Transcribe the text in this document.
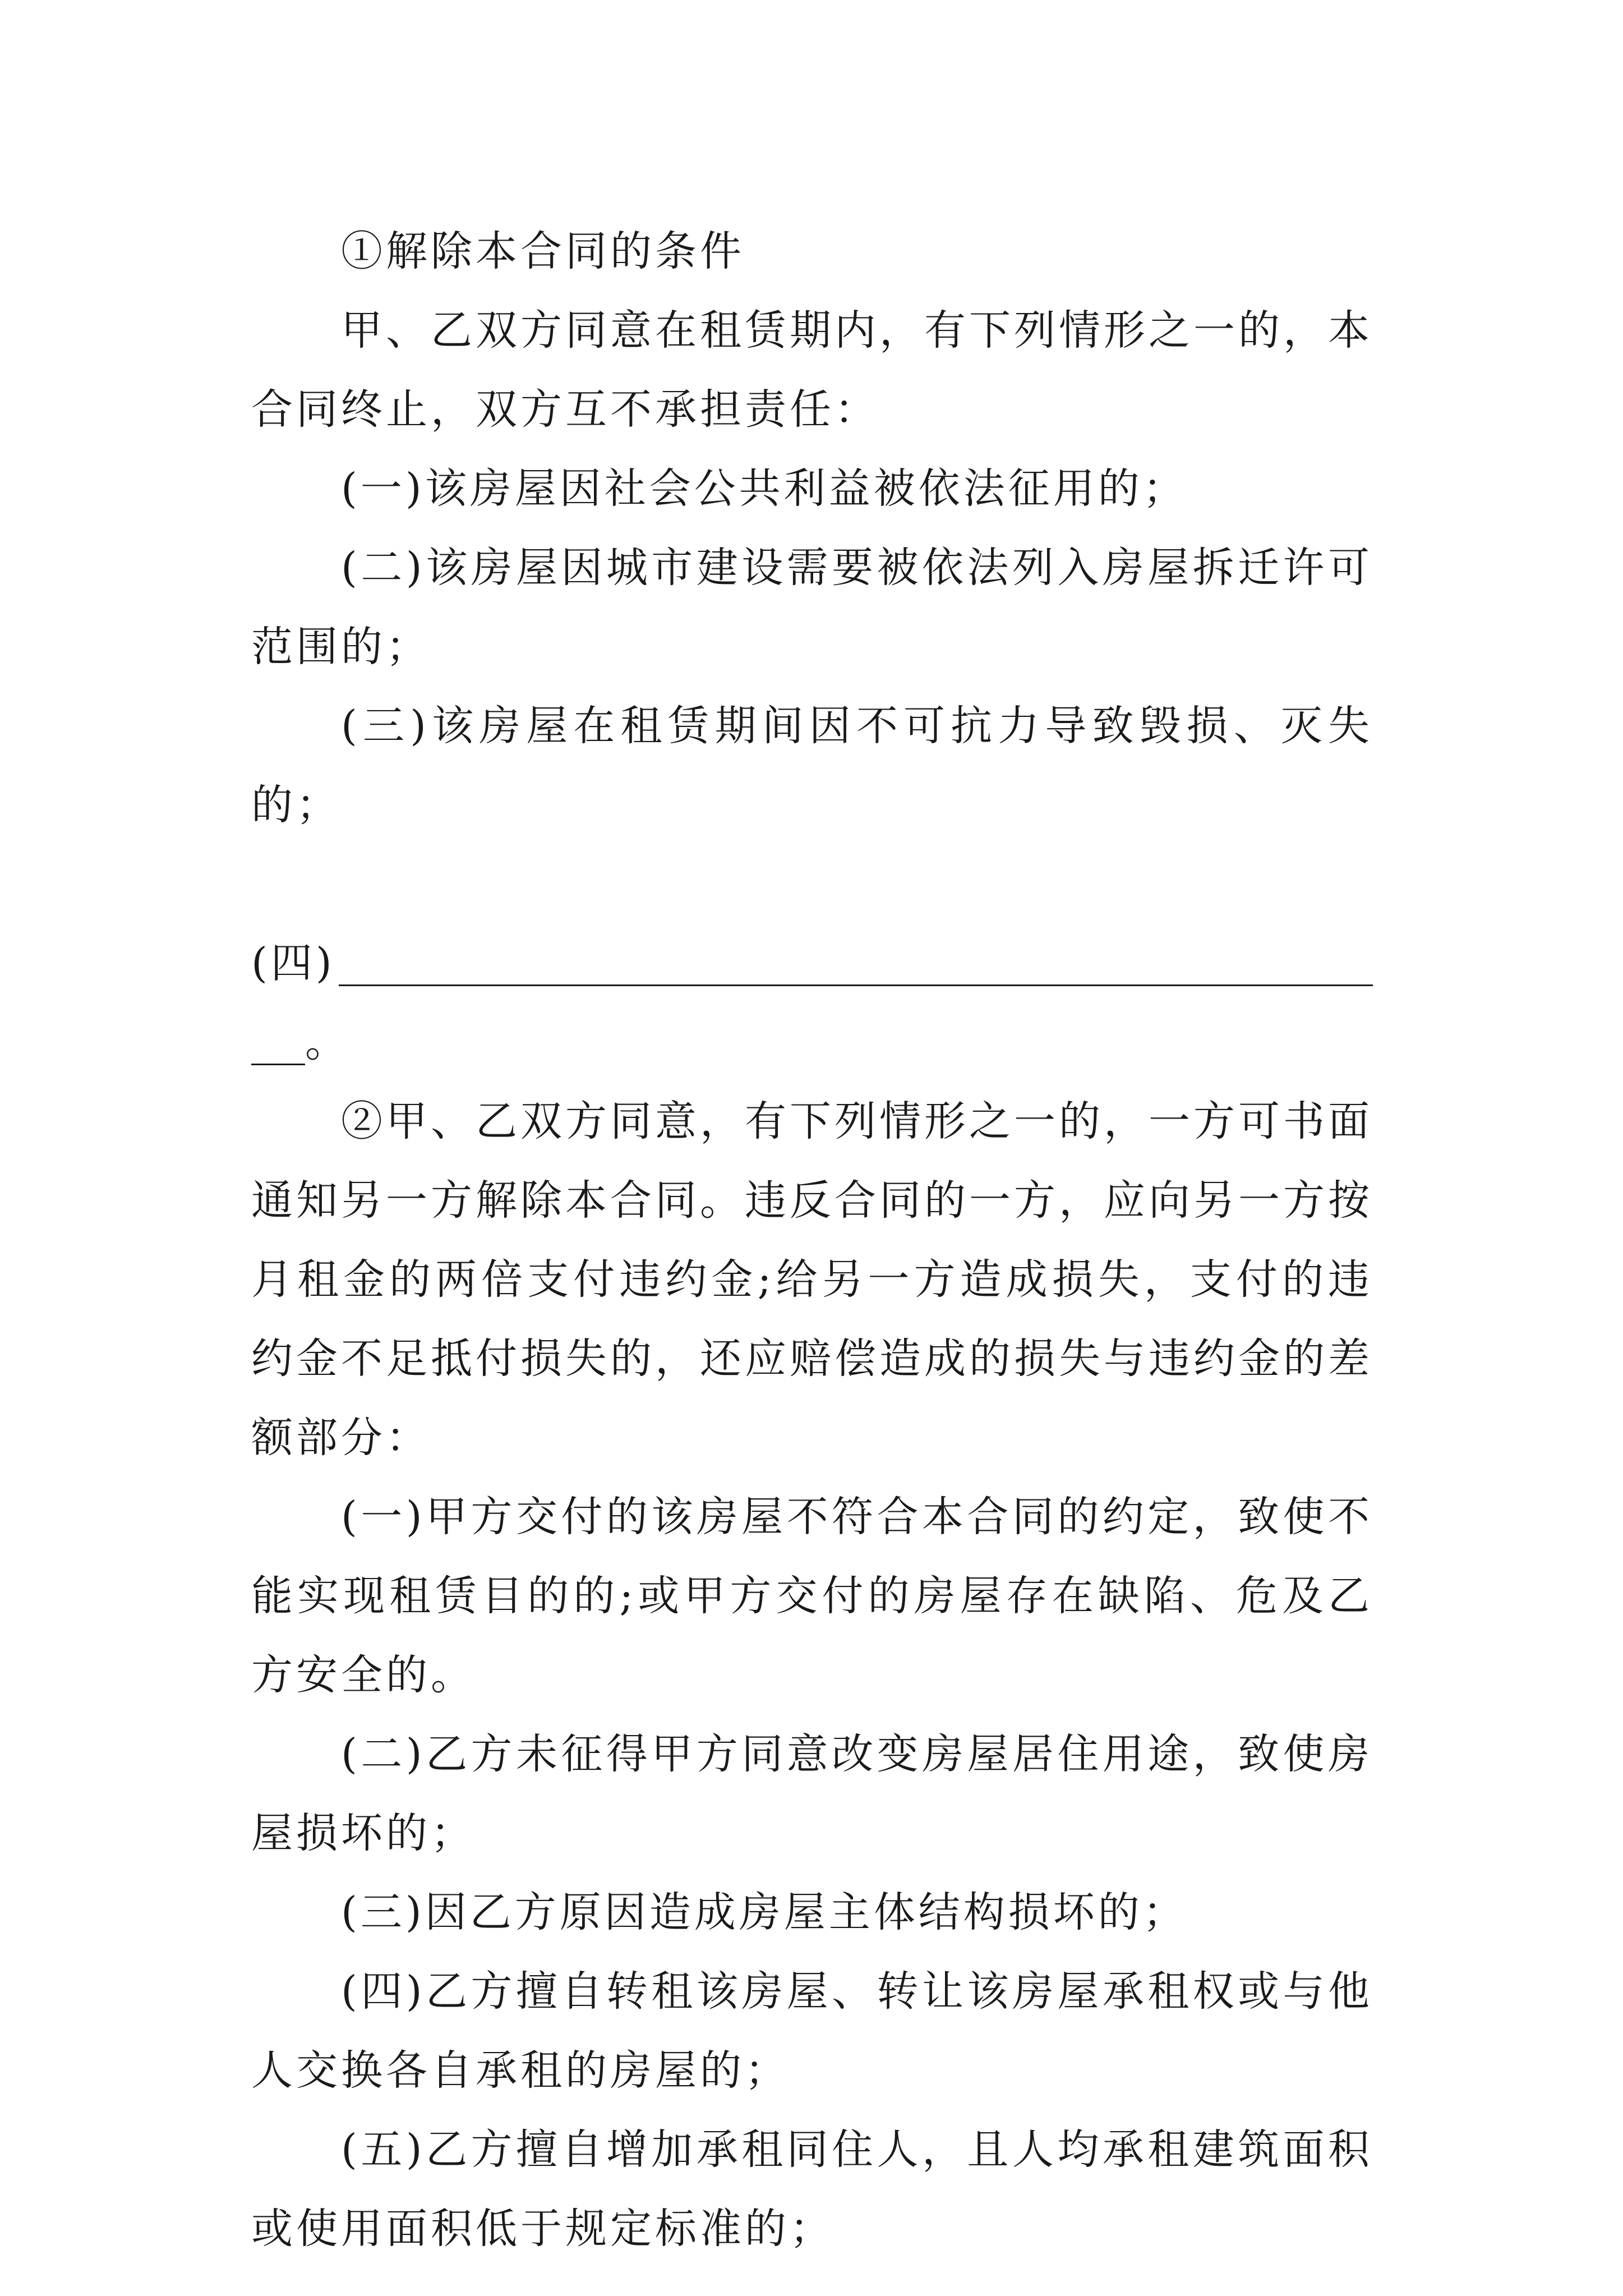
①解除本合同的条件

甲、乙双方同意在租赁期内，有下列情形之一的，本合同终止，双方互不承担责任：

(一)该房屋因社会公共利益被依法征用的；

(二)该房屋因城市建设需要被依法列入房屋拆迁许可范围的；

(三)该房屋在租赁期间因不可抗力导致毁损、灭失的；

(四)
。

②甲、乙双方同意，有下列情形之一的，一方可书面通知另一方解除本合同。违反合同的一方，应向另一方按月租金的两倍支付违约金;给另一方造成损失，支付的违约金不足抵付损失的，还应赔偿造成的损失与违约金的差额部分：

(一)甲方交付的该房屋不符合本合同的约定，致使不能实现租赁目的的;或甲方交付的房屋存在缺陷、危及乙方安全的。

(二)乙方未征得甲方同意改变房屋居住用途，致使房屋损坏的；

(三)因乙方原因造成房屋主体结构损坏的；

(四)乙方擅自转租该房屋、转让该房屋承租权或与他人交换各自承租的房屋的；

(五)乙方擅自增加承租同住人，且人均承租建筑面积或使用面积低于规定标准的；
